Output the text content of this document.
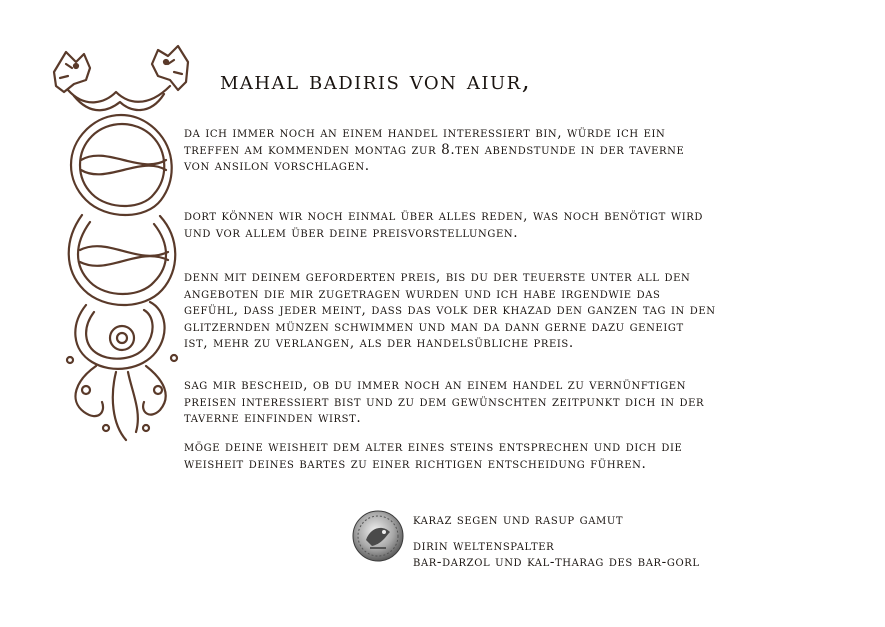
mahal badiris von aiur,

da ich immer noch an einem handel interessiert bin, würde ich ein
treffen am kommenden montag zur 8.ten abendstunde in der taverne
von ansilon vorschlagen.

dort können wir noch einmal über alles reden, was noch benötigt wird
und vor allem über deine preisvorstellungen.

denn mit deinem geforderten preis, bis du der teuerste unter all den
angeboten die mir zugetragen wurden und ich habe irgendwie das
gefühl, dass jeder meint, dass das volk der khazad den ganzen tag in den
glitzernden münzen schwimmen und man da dann gerne dazu geneigt
ist, mehr zu verlangen, als der handelsübliche preis.

sag mir bescheid, ob du immer noch an einem handel zu vernünftigen
preisen interessiert bist und zu dem gewünschten zeitpunkt dich in der
taverne einfinden wirst.

möge deine weisheit dem alter eines steins entsprechen und dich die
weisheit deines bartes zu einer richtigen entscheidung führen.

karaz segen und rasup gamut
dirin weltenspalter
bar-darzol und kal-tharag des bar-gorl
